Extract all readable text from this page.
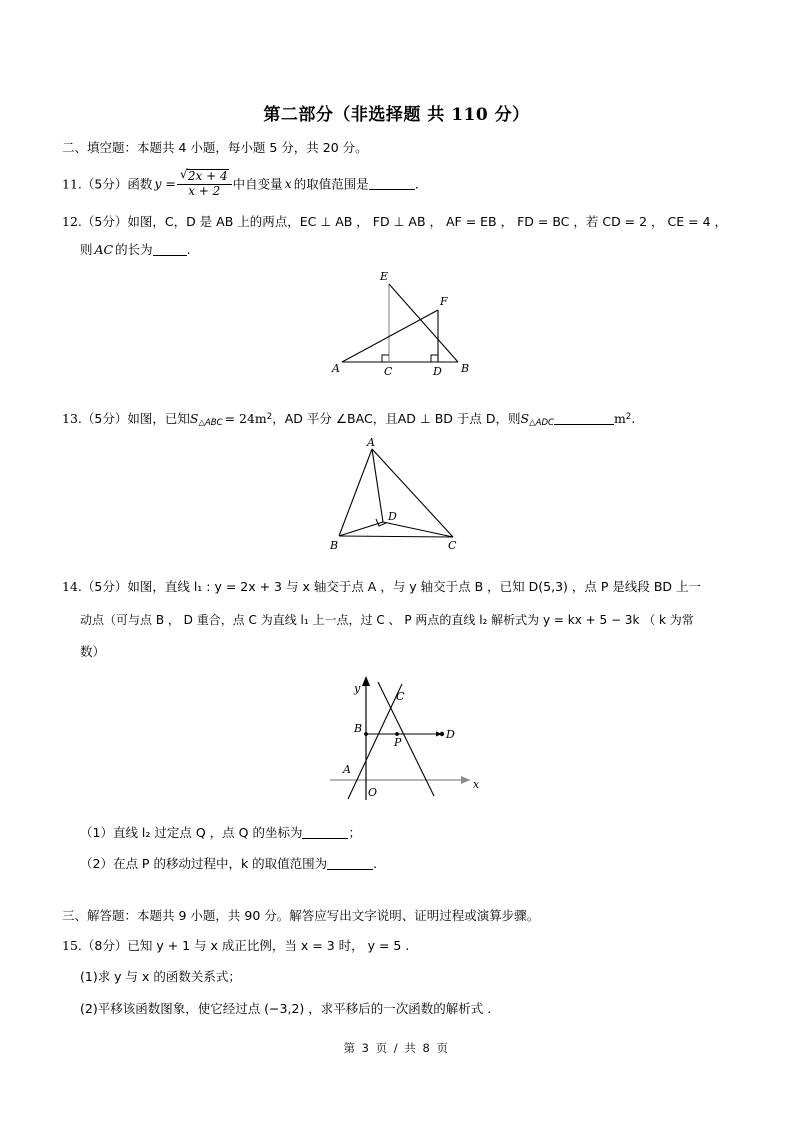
第二部分（非选择题 共 110 分）
二、填空题：本题共 4 小题，每小题 5 分，共 20 分。
11.（5分）函数 y = √ $\frac{2x + 4}{x + 2}$ 中自变量 x 的取值范围是	.
12.（5分）如图，C，D 是 AB 上的两点，EC ⊥ AB ， FD ⊥ AB ， AF = EB ， FD = BC ，若 CD = 2 ， CE = 4 ，
则 AC 的长为	.
A	B
C	D
E
F
13.（5分）如图，已知$S_{\triangle ABC} = 24m^2$，AD 平分 ∠BAC，且AD ⊥ BD 于点 D，则$S_{\triangle ADC}$	$m^2$.
A
B	C
D
14.（5分）如图，直线 l₁ : y = 2x + 3 与 x 轴交于点 A ，与 y 轴交于点 B ，已知 D(5,3) ，点 P 是线段 BD 上一
动点（可与点 B ， D 重合，点 C 为直线 l₁ 上一点，过 C 、 P 两点的直线 l₂ 解析式为 y = kx + 5 − 3k （ k 为常
数）
y
x
O
A
B
C
D
P
（1）直线 l₂ 过定点 Q ，点 Q 的坐标为	；
（2）在点 P 的移动过程中，k 的取值范围为	.
三、解答题：本题共 9 小题，共 90 分。解答应写出文字说明、证明过程或演算步骤。
15.（8分）已知 y + 1 与 x 成正比例，当 x = 3 时， y = 5 .
(1)求 y 与 x 的函数关系式；
(2)平移该函数图象，使它经过点 (−3,2) ，求平移后的一次函数的解析式 .
第 3 页 / 共 8 页
